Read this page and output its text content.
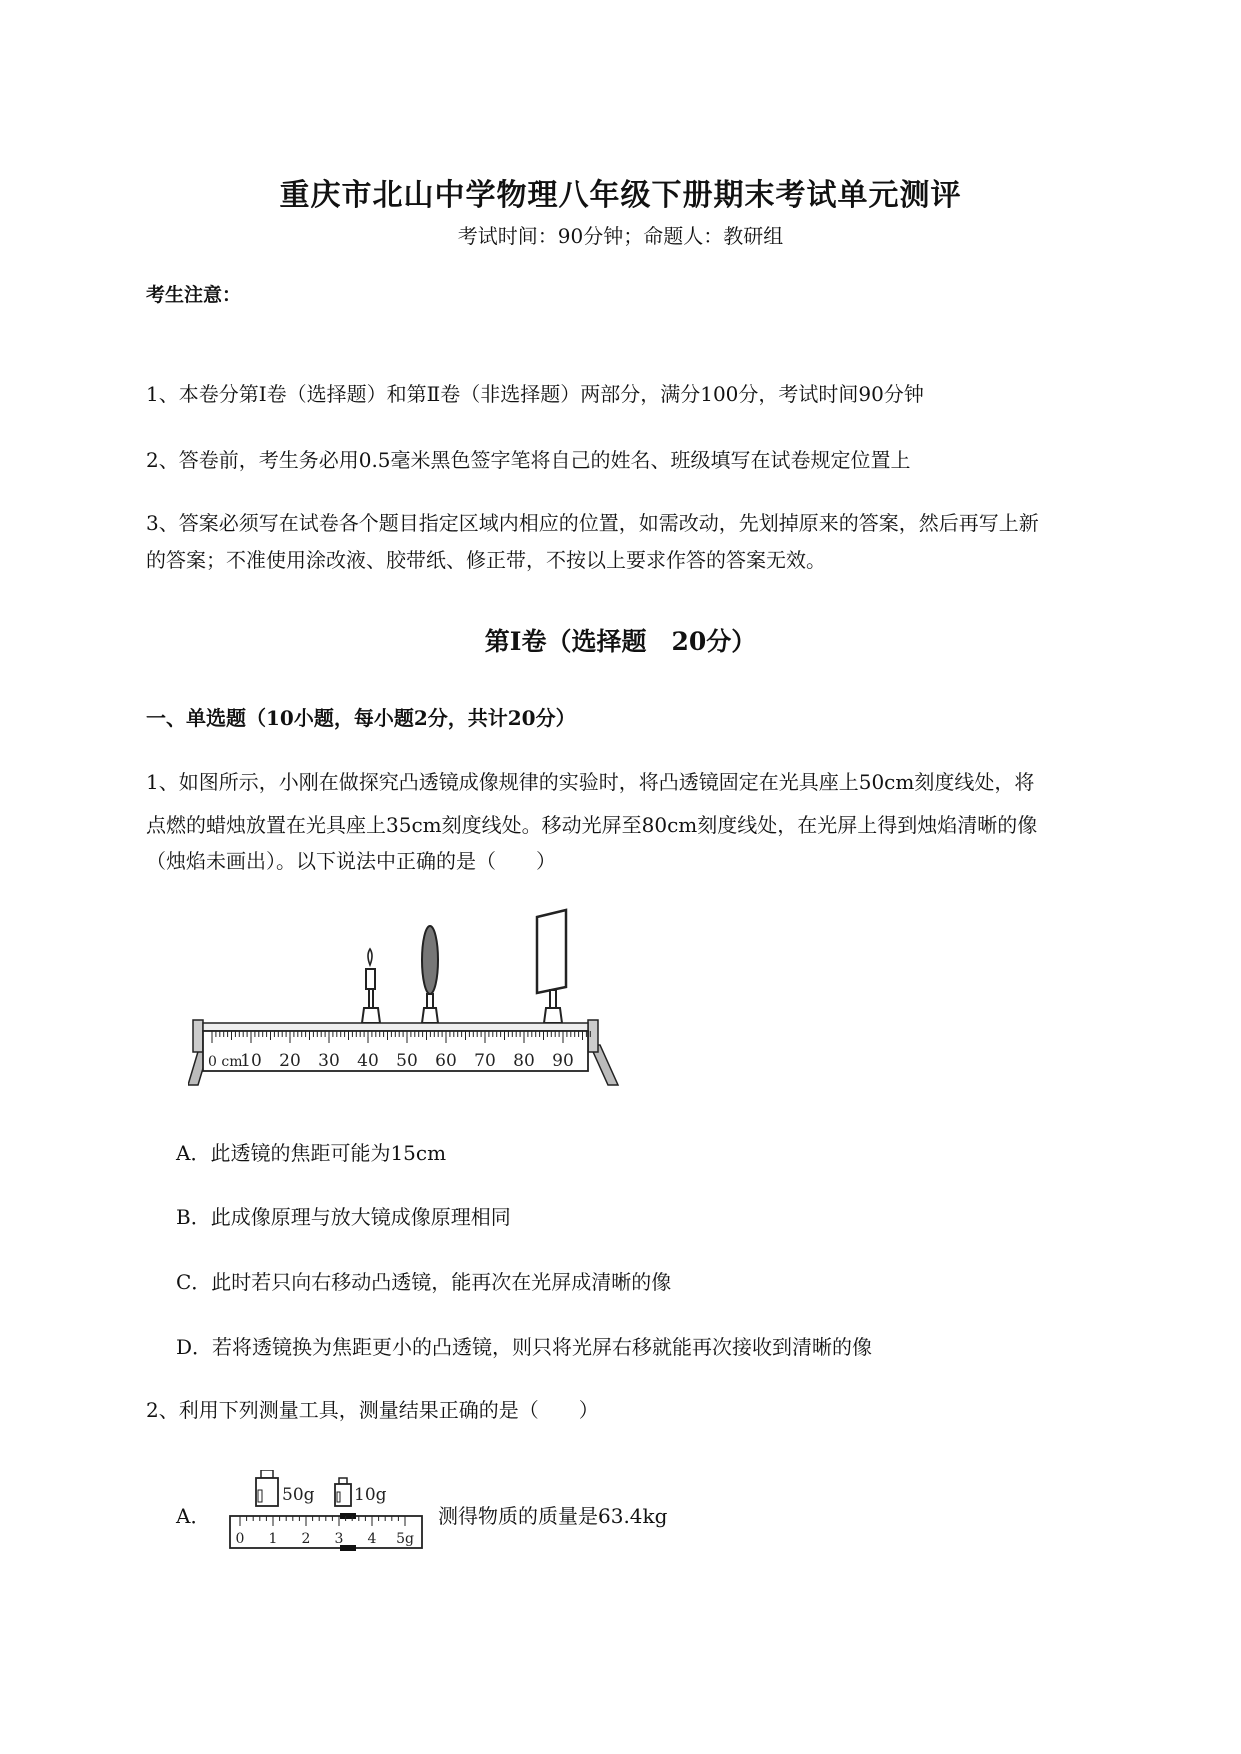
重庆市北山中学物理八年级下册期末考试单元测评
考试时间：90分钟；命题人：教研组
考生注意：
1、本卷分第Ⅰ卷（选择题）和第Ⅱ卷（非选择题）两部分，满分100分，考试时间90分钟
2、答卷前，考生务必用0.5毫米黑色签字笔将自己的姓名、班级填写在试卷规定位置上
3、答案必须写在试卷各个题目指定区域内相应的位置，如需改动，先划掉原来的答案，然后再写上新
的答案；不准使用涂改液、胶带纸、修正带，不按以上要求作答的答案无效。
第Ⅰ卷（选择题　20分）
一、单选题（10小题，每小题2分，共计20分）
1、如图所示，小刚在做探究凸透镜成像规律的实验时，将凸透镜固定在光具座上50cm刻度线处，将
点燃的蜡烛放置在光具座上35cm刻度线处。移动光屏至80cm刻度线处，在光屏上得到烛焰清晰的像
（烛焰未画出）。以下说法中正确的是（　　）
0 cm
10 20 30 40 50 60 70 80 90
A．此透镜的焦距可能为15cm
B．此成像原理与放大镜成像原理相同
C．此时若只向右移动凸透镜，能再次在光屏成清晰的像
D．若将透镜换为焦距更小的凸透镜，则只将光屏右移就能再次接收到清晰的像
2、利用下列测量工具，测量结果正确的是（　　）
A．
50g 10g
0 1 2 3 4 5g
测得物质的质量是63.4kg
